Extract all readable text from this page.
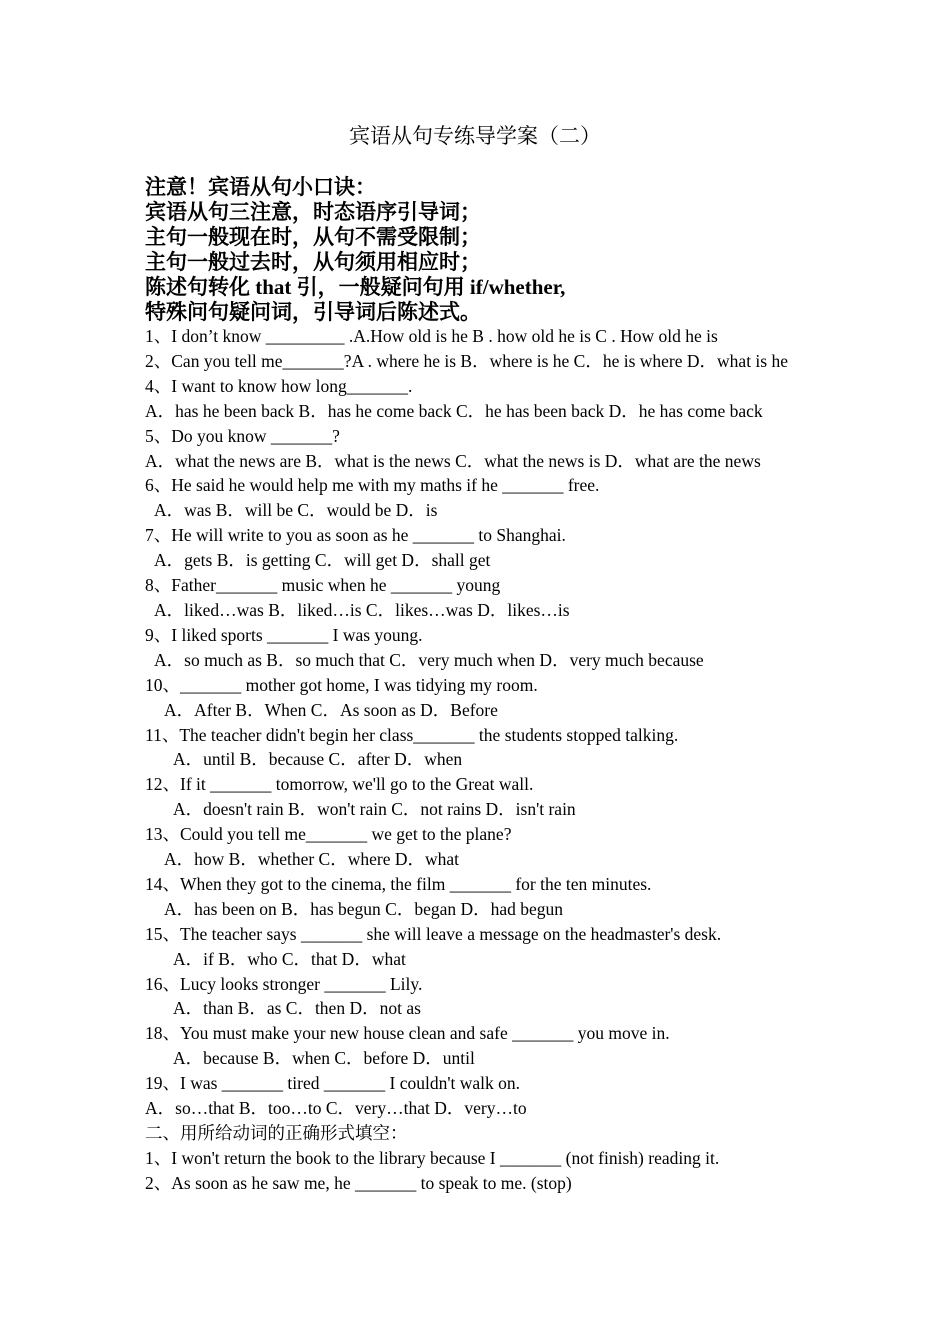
宾语从句专练导学案（二）
注意！宾语从句小口诀：
宾语从句三注意，时态语序引导词；
主句一般现在时，从句不需受限制；
主句一般过去时，从句须用相应时；
陈述句转化 that 引，一般疑问句用 if/whether,
特殊问句疑问词，引导词后陈述式。
1、I don’t know _________ .A.How old is he B . how old he is C . How old he is
2、Can you tell me_______?A . where he is B．where is he C．he is where D．what is he
4、I want to know how long_______.
A．has he been back B．has he come back C．he has been back D．he has come back
5、Do you know _______?
A．what the news are B．what is the news C．what the news is D．what are the news
6、He said he would help me with my maths if he _______ free.
A．was B．will be C．would be D．is
7、He will write to you as soon as he _______ to Shanghai.
A．gets B．is getting C．will get D．shall get
8、Father_______ music when he _______ young
A．liked…was B．liked…is C．likes…was D．likes…is
9、I liked sports _______ I was young.
A．so much as B．so much that C．very much when D．very much because
10、_______ mother got home, I was tidying my room.
A．After B．When C．As soon as D．Before
11、The teacher didn't begin her class_______ the students stopped talking.
A．until B．because C．after D．when
12、If it _______ tomorrow, we'll go to the Great wall.
A．doesn't rain B．won't rain C．not rains D．isn't rain
13、Could you tell me_______ we get to the plane?
A．how B．whether C．where D．what
14、When they got to the cinema, the film _______ for the ten minutes.
A．has been on B．has begun C．began D．had begun
15、The teacher says _______ she will leave a message on the headmaster's desk.
A．if B．who C．that D．what
16、Lucy looks stronger _______ Lily.
A．than B．as C．then D．not as
18、You must make your new house clean and safe _______ you move in.
A．because B．when C．before D．until
19、I was _______ tired _______ I couldn't walk on.
A．so…that B．too…to C．very…that D．very…to
二、用所给动词的正确形式填空：
1、I won't return the book to the library because I _______ (not finish) reading it.
2、As soon as he saw me, he _______ to speak to me. (stop)
